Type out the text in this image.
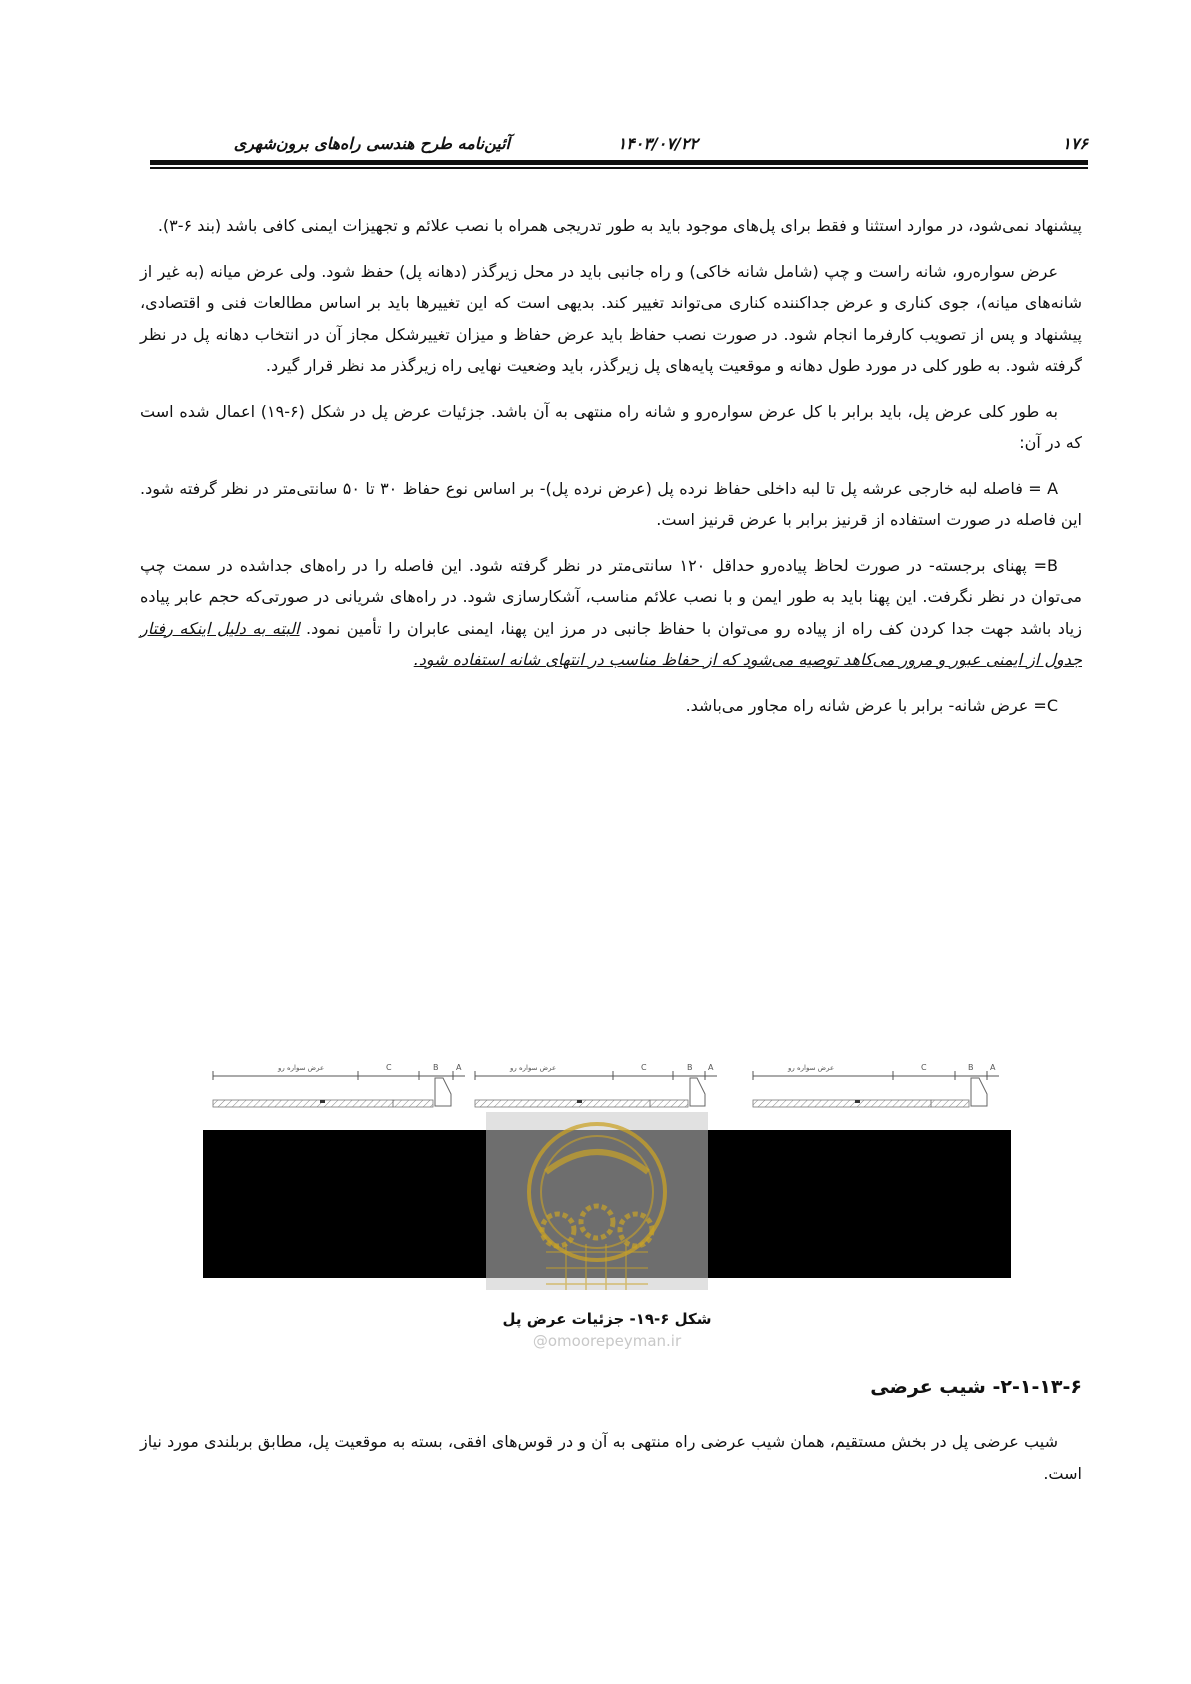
۱۷۶
۱۴۰۳/۰۷/۲۲
آئین‌نامه طرح هندسی راه‌های برون‌شهری

پیشنهاد نمی‌شود، در موارد استثنا و فقط برای پل‌های موجود باید به طور تدریجی همراه با نصب علائم و تجهیزات ایمنی کافی باشد (بند ۶-۳).

عرض سواره‌رو، شانه راست و چپ (شامل شانه خاکی) و راه جانبی باید در محل زیرگذر (دهانه پل) حفظ شود. ولی عرض میانه (به غیر از شانه‌های میانه)، جوی کناری و عرض جداکننده کناری می‌تواند تغییر کند. بدیهی است که این تغییرها باید بر اساس مطالعات فنی و اقتصادی، پیشنهاد و پس از تصویب کارفرما انجام شود. در صورت نصب حفاظ باید عرض حفاظ و میزان تغییرشکل مجاز آن در انتخاب دهانه پل در نظر گرفته شود. به طور کلی در مورد طول دهانه و موقعیت پایه‌های پل زیرگذر، باید وضعیت نهایی راه زیرگذر مد نظر قرار گیرد.

به طور کلی عرض پل، باید برابر با کل عرض سواره‌رو و شانه راه منتهی به آن باشد. جزئیات عرض پل در شکل (۶-۱۹) اعمال شده است که در آن:

A = فاصله لبه خارجی عرشه پل تا لبه داخلی حفاظ نرده پل (عرض نرده پل)- بر اساس نوع حفاظ ۳۰ تا ۵۰ سانتی‌متر در نظر گرفته شود. این فاصله در صورت استفاده از قرنیز برابر با عرض قرنیز است.

B= پهنای برجسته- در صورت لحاظ پیاده‌رو حداقل ۱۲۰ سانتی‌متر در نظر گرفته شود. این فاصله را در راه‌های جداشده در سمت چپ می‌توان در نظر نگرفت. این پهنا باید به طور ایمن و با نصب علائم مناسب، آشکارسازی شود. در راه‌های شریانی در صورتی‌که حجم عابر پیاده زیاد باشد جهت جدا کردن کف راه از پیاده رو می‌توان با حفاظ جانبی در مرز این پهنا، ایمنی عابران را تأمین نمود. البته به دلیل اینکه رفتار جدول از ایمنی عبور و مرور می‌کاهد توصیه می‌شود که از حفاظ مناسب در انتهای شانه استفاده شود.

C= عرض شانه- برابر با عرض شانه راه مجاور می‌باشد.

عرض سواره رو	C	B A	عرض سواره رو	C	B A	عرض سواره رو	C	B A
شکل ۶-۱۹- جزئیات عرض پل
@omoorepeyman.ir
۲-۱-۱۳-۶- شیب عرضی

شیب عرضی پل در بخش مستقیم، همان شیب عرضی راه منتهی به آن و در قوس‌های افقی، بسته به موقعیت پل، مطابق بربلندی مورد نیاز است.
